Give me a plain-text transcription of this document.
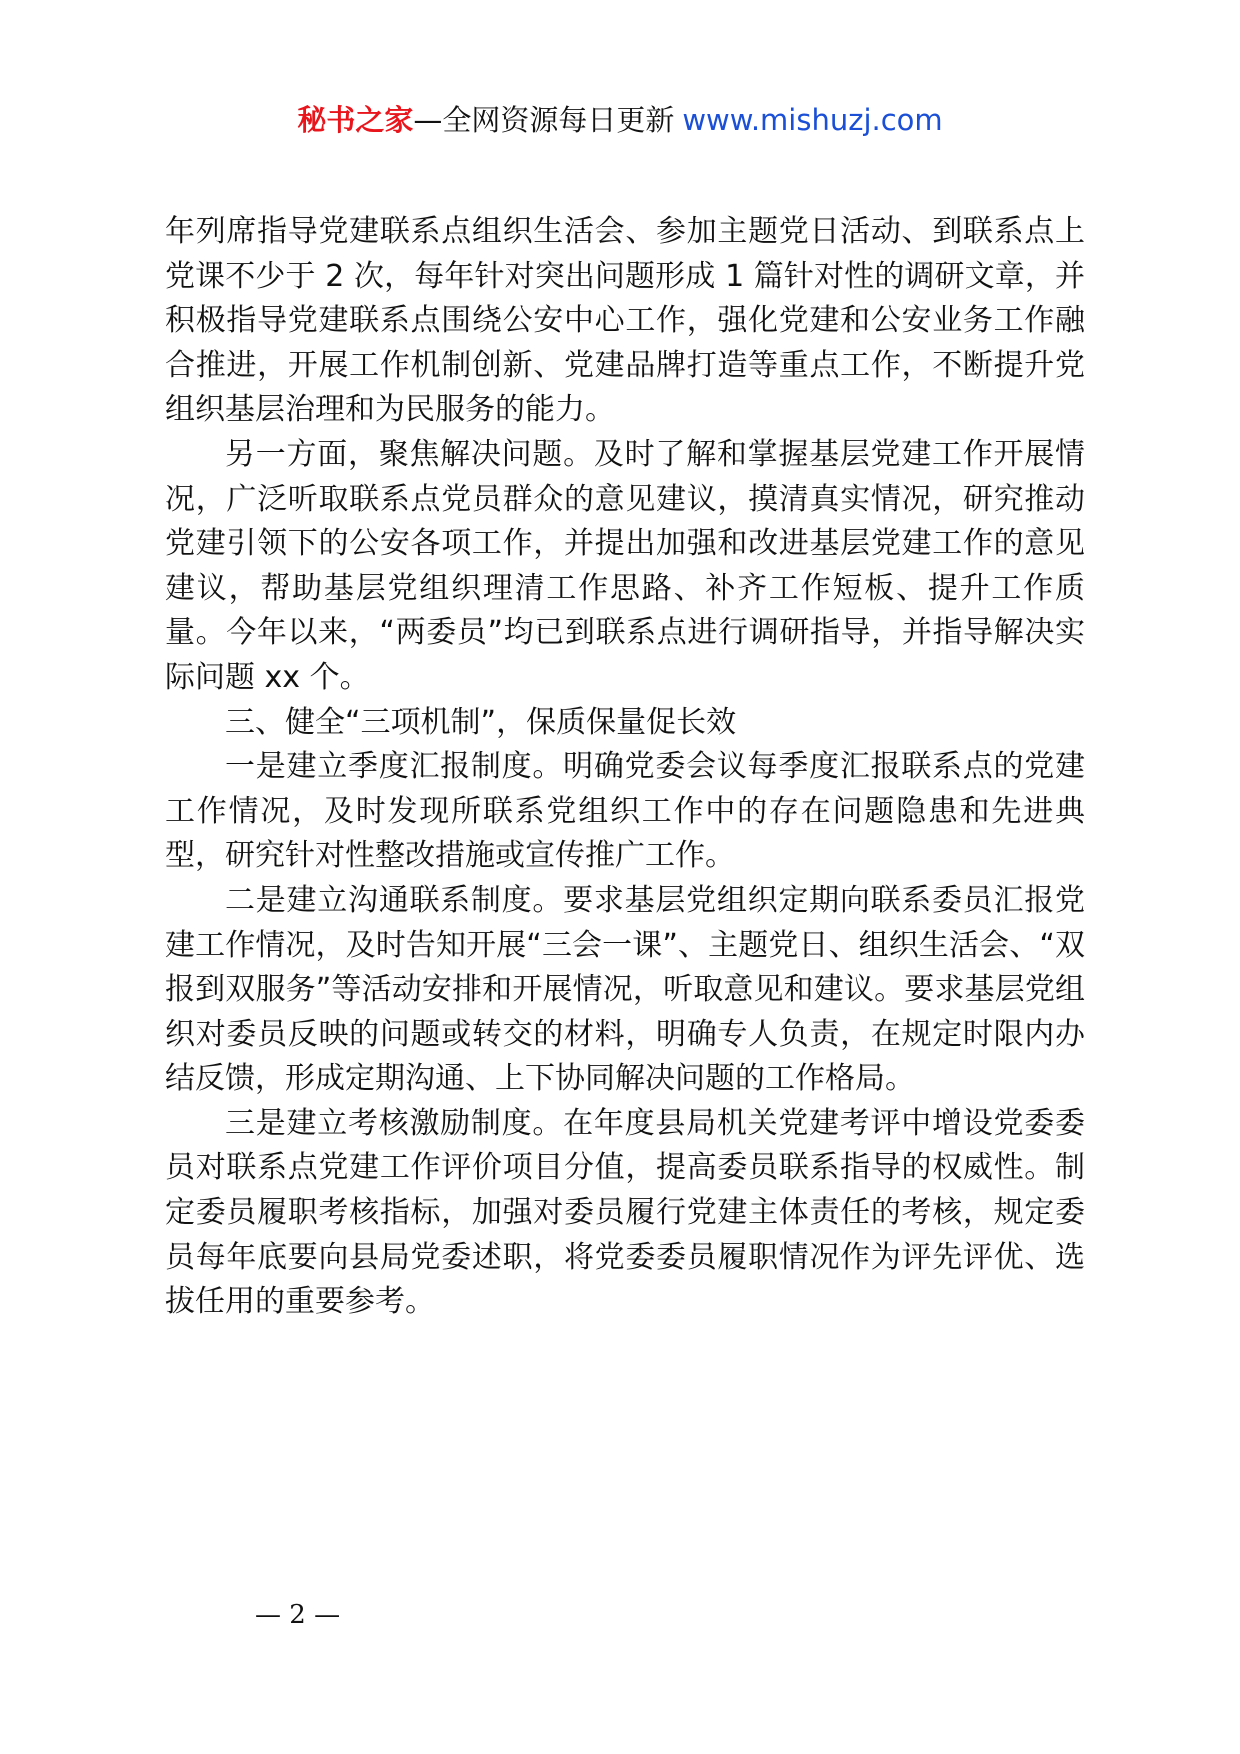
秘书之家—全网资源每日更新 www.mishuzj.com

年列席指导党建联系点组织生活会、参加主题党日活动、到联系点上党课不少于 2 次，每年针对突出问题形成 1 篇针对性的调研文章，并积极指导党建联系点围绕公安中心工作，强化党建和公安业务工作融合推进，开展工作机制创新、党建品牌打造等重点工作，不断提升党组织基层治理和为民服务的能力。

另一方面，聚焦解决问题。及时了解和掌握基层党建工作开展情况，广泛听取联系点党员群众的意见建议，摸清真实情况，研究推动党建引领下的公安各项工作，并提出加强和改进基层党建工作的意见建议，帮助基层党组织理清工作思路、补齐工作短板、提升工作质量。今年以来，“两委员”均已到联系点进行调研指导，并指导解决实际问题 xx 个。

三、健全“三项机制”，保质保量促长效

一是建立季度汇报制度。明确党委会议每季度汇报联系点的党建工作情况，及时发现所联系党组织工作中的存在问题隐患和先进典型，研究针对性整改措施或宣传推广工作。

二是建立沟通联系制度。要求基层党组织定期向联系委员汇报党建工作情况，及时告知开展“三会一课”、主题党日、组织生活会、“双报到双服务”等活动安排和开展情况，听取意见和建议。要求基层党组织对委员反映的问题或转交的材料，明确专人负责，在规定时限内办结反馈，形成定期沟通、上下协同解决问题的工作格局。

三是建立考核激励制度。在年度县局机关党建考评中增设党委委员对联系点党建工作评价项目分值，提高委员联系指导的权威性。制定委员履职考核指标，加强对委员履行党建主体责任的考核，规定委员每年底要向县局党委述职，将党委委员履职情况作为评先评优、选拔任用的重要参考。

— 2 —
